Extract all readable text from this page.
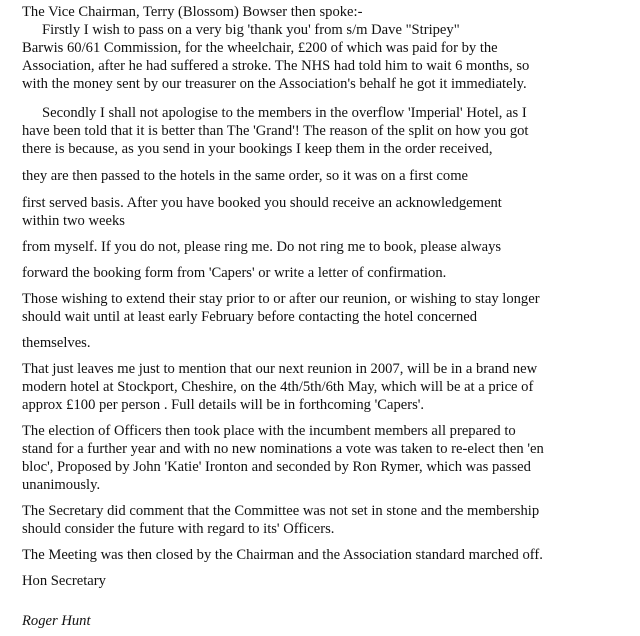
The Vice Chairman, Terry (Blossom) Bowser then spoke:-
Firstly I wish to pass on a very big 'thank you' from s/m Dave "Stripey"
Barwis 60/61 Commission, for the wheelchair, £200 of which was paid for by the
Association, after he had suffered a stroke. The NHS had told him to wait 6 months, so
with the money sent by our treasurer on the Association's behalf he got it immediately.
Secondly I shall not apologise to the members in the overflow 'Imperial' Hotel, as I
have been told that it is better than The 'Grand'! The reason of the split on how you got
there is because, as you send in your bookings I keep them in the order received,
they are then passed to the hotels in the same order, so it was on a first come
first served basis. After you have booked you should receive an acknowledgement
within two weeks
from myself. If you do not, please ring me. Do not ring me to book, please always
forward the booking form from 'Capers' or write a letter of confirmation.
Those wishing to extend their stay prior to or after our reunion, or wishing to stay longer
should wait until at least early February before contacting the hotel concerned
themselves.
That just leaves me just to mention that our next reunion in 2007, will be in a brand new
modern hotel at Stockport, Cheshire, on the 4th/5th/6th May, which will be at a price of
approx £100 per person . Full details will be in forthcoming 'Capers'.
The election of Officers then took place with the incumbent members all prepared to
stand for a further year and with no new nominations a vote was taken to re-elect then 'en
bloc', Proposed by John 'Katie' Ironton and seconded by Ron Rymer, which was passed
unanimously.
The Secretary did comment that the Committee was not set in stone and the membership
should consider the future with regard to its' Officers.
The Meeting was then closed by the Chairman and the Association standard marched off.
Hon Secretary
Roger Hunt
